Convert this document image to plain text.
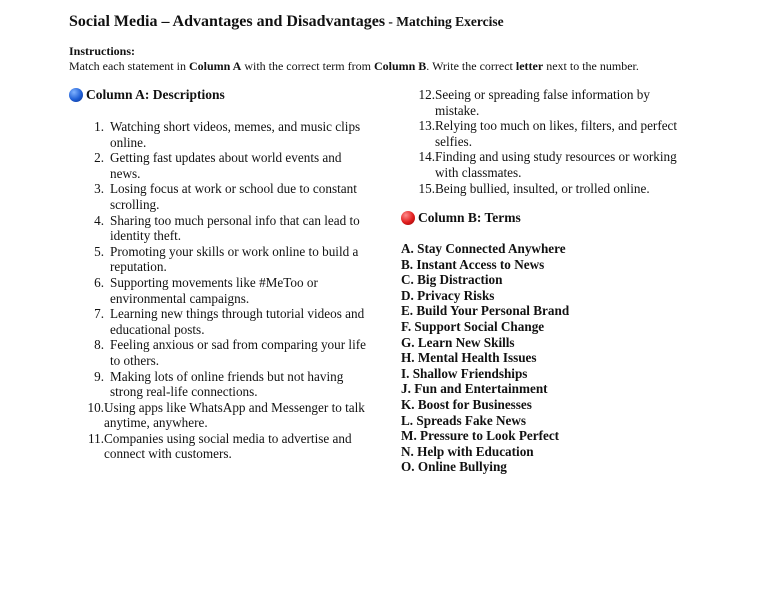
Social Media – Advantages and Disadvantages - Matching Exercise
Instructions:
Match each statement in Column A with the correct term from Column B. Write the correct letter next to the number.
Column A: Descriptions
1. Watching short videos, memes, and music clips online.
2. Getting fast updates about world events and news.
3. Losing focus at work or school due to constant scrolling.
4. Sharing too much personal info that can lead to identity theft.
5. Promoting your skills or work online to build a reputation.
6. Supporting movements like #MeToo or environmental campaigns.
7. Learning new things through tutorial videos and educational posts.
8. Feeling anxious or sad from comparing your life to others.
9. Making lots of online friends but not having strong real-life connections.
10. Using apps like WhatsApp and Messenger to talk anytime, anywhere.
11. Companies using social media to advertise and connect with customers.
12. Seeing or spreading false information by mistake.
13. Relying too much on likes, filters, and perfect selfies.
14. Finding and using study resources or working with classmates.
15. Being bullied, insulted, or trolled online.
Column B: Terms
A. Stay Connected Anywhere
B. Instant Access to News
C. Big Distraction
D. Privacy Risks
E. Build Your Personal Brand
F. Support Social Change
G. Learn New Skills
H. Mental Health Issues
I. Shallow Friendships
J. Fun and Entertainment
K. Boost for Businesses
L. Spreads Fake News
M. Pressure to Look Perfect
N. Help with Education
O. Online Bullying
